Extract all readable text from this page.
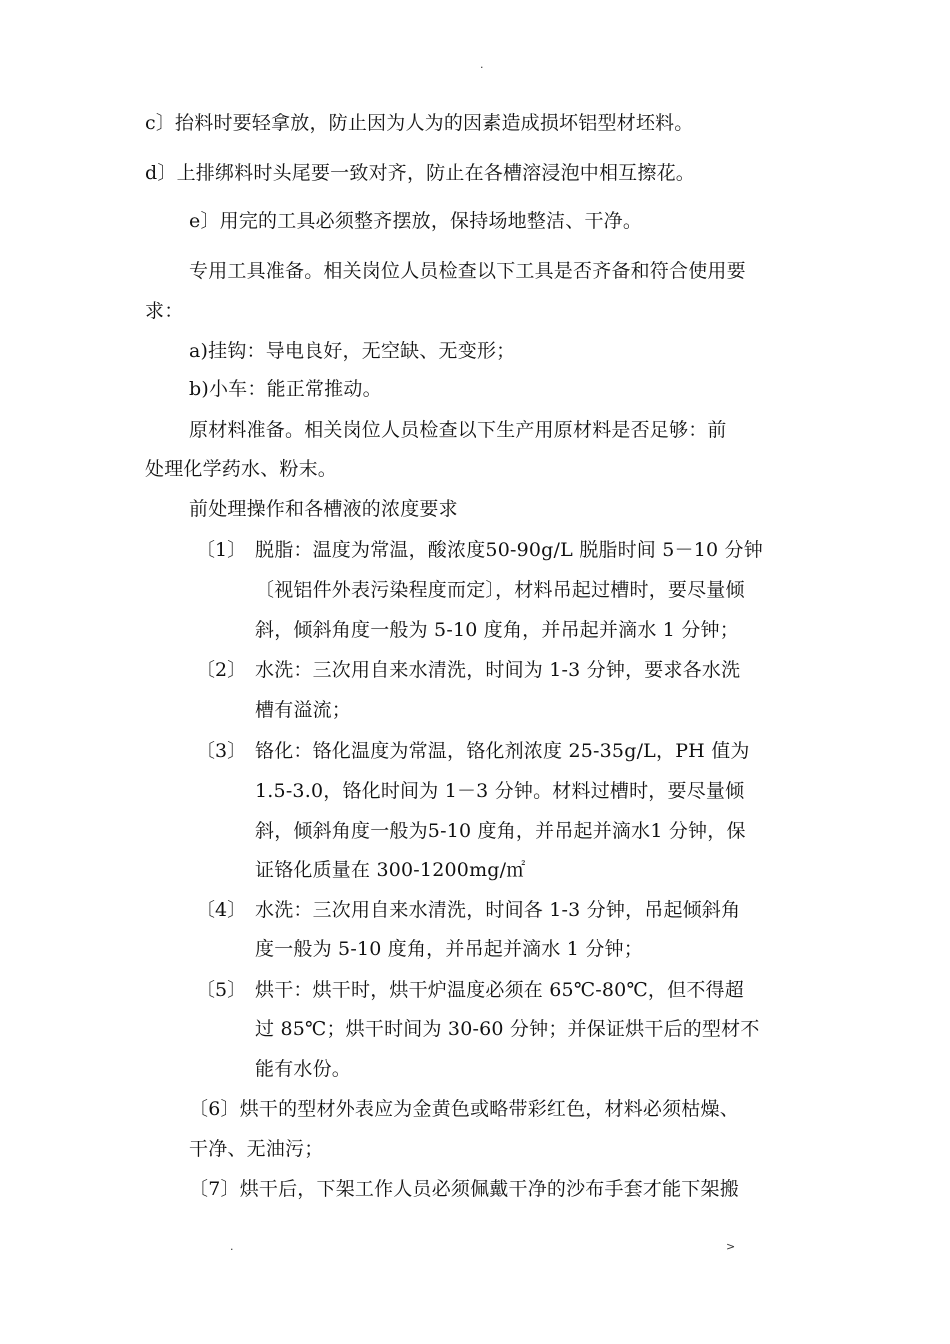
.
c〕抬料时要轻拿放，防止因为人为的因素造成损坏铝型材坯料。
d〕上排绑料时头尾要一致对齐，防止在各槽溶浸泡中相互擦花。
e〕用完的工具必须整齐摆放，保持场地整洁、干净。
专用工具准备。相关岗位人员检查以下工具是否齐备和符合使用要
求：
a)挂钩：导电良好，无空缺、无变形；
b)小车：能正常推动。
原材料准备。相关岗位人员检查以下生产用原材料是否足够：前
处理化学药水、粉末。
前处理操作和各槽液的浓度要求
〔1〕 脱脂：温度为常温，酸浓度50-90g/L 脱脂时间 5－10 分钟
〔视铝件外表污染程度而定〕，材料吊起过槽时，要尽量倾
斜，倾斜角度一般为 5-10 度角，并吊起并滴水 1 分钟；
〔2〕 水洗：三次用自来水清洗，时间为 1-3 分钟，要求各水洗
槽有溢流；
〔3〕 铬化：铬化温度为常温，铬化剂浓度 25-35g/L，PH 值为
1.5-3.0，铬化时间为 1－3 分钟。材料过槽时，要尽量倾
斜，倾斜角度一般为5-10 度角，并吊起并滴水1 分钟，保
证铬化质量在 300-1200mg/㎡
〔4〕 水洗：三次用自来水清洗，时间各 1-3 分钟，吊起倾斜角
度一般为 5-10 度角，并吊起并滴水 1 分钟；
〔5〕 烘干：烘干时，烘干炉温度必须在 65℃-80℃，但不得超
过 85℃；烘干时间为 30-60 分钟；并保证烘干后的型材不
能有水份。
〔6〕烘干的型材外表应为金黄色或略带彩红色，材料必须枯燥、
干净、无油污；
〔7〕烘干后，下架工作人员必须佩戴干净的沙布手套才能下架搬
.	>
